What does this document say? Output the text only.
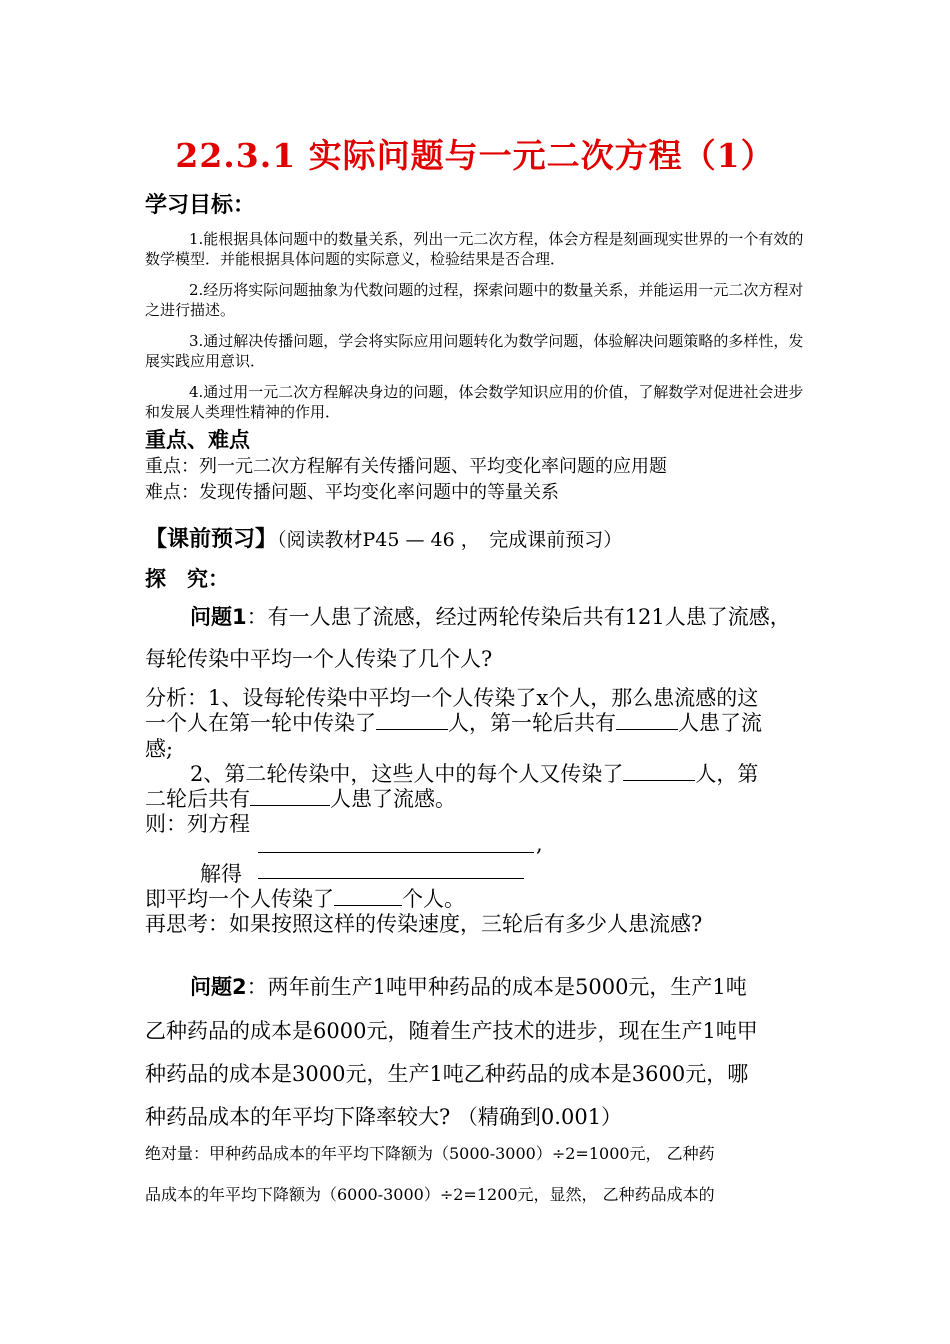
22.3.1 实际问题与一元二次方程（1）
学习目标：
1.能根据具体问题中的数量关系，列出一元二次方程，体会方程是刻画现实世界的一个有效的数学模型．并能根据具体问题的实际意义，检验结果是否合理．
2.经历将实际问题抽象为代数问题的过程，探索问题中的数量关系，并能运用一元二次方程对之进行描述。
3.通过解决传播问题，学会将实际应用问题转化为数学问题，体验解决问题策略的多样性，发展实践应用意识．
4.通过用一元二次方程解决身边的问题，体会数学知识应用的价值，了解数学对促进社会进步和发展人类理性精神的作用．
重点、难点
重点：列一元二次方程解有关传播问题、平均变化率问题的应用题
难点：发现传播问题、平均变化率问题中的等量关系
【课前预习】（阅读教材P45 — 46 ，　完成课前预习）
探　究：
问题1：有一人患了流感，经过两轮传染后共有121人患了流感，
每轮传染中平均一个人传染了几个人?
分析：1、设每轮传染中平均一个人传染了x个人，那么患流感的这
一个人在第一轮中传染了	人，第一轮后共有	人患了流
感;
2、第二轮传染中，这些人中的每个人又传染了	人，第
二轮后共有	人患了流感。
则：列方程
,
解得
即平均一个人传染了	个人。
再思考：如果按照这样的传染速度，三轮后有多少人患流感?
问题2：两年前生产1吨甲种药品的成本是5000元，生产1吨
乙种药品的成本是6000元，随着生产技术的进步，现在生产1吨甲
种药品的成本是3000元，生产1吨乙种药品的成本是3600元，哪
种药品成本的年平均下降率较大? （精确到0.001）
绝对量：甲种药品成本的年平均下降额为（5000-3000）÷2=1000元， 乙种药
品成本的年平均下降额为（6000-3000）÷2=1200元，显然， 乙种药品成本的
